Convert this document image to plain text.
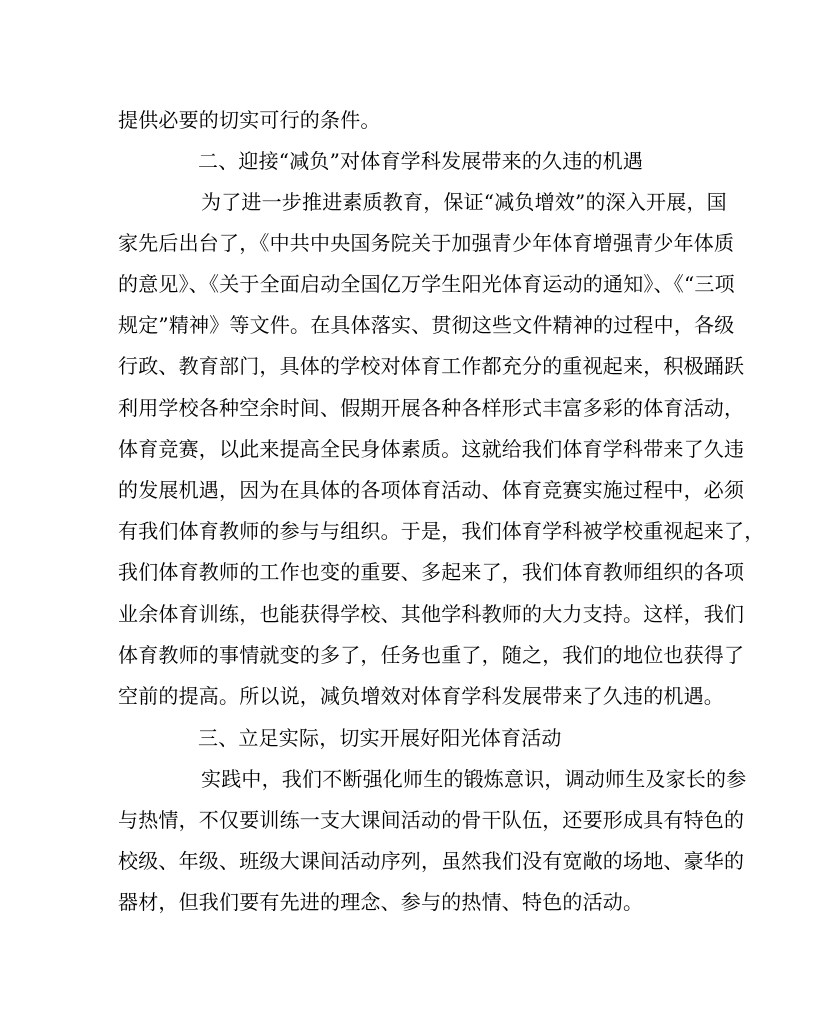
提供必要的切实可行的条件。
二、迎接“减负”对体育学科发展带来的久违的机遇
为了进一步推进素质教育，保证“减负增效”的深入开展，国
家先后出台了，《中共中央国务院关于加强青少年体育增强青少年体质
的意见》、《关于全面启动全国亿万学生阳光体育运动的通知》、《“三项
规定”精神》等文件。在具体落实、贯彻这些文件精神的过程中，各级
行政、教育部门，具体的学校对体育工作都充分的重视起来，积极踊跃
利用学校各种空余时间、假期开展各种各样形式丰富多彩的体育活动，
体育竞赛，以此来提高全民身体素质。这就给我们体育学科带来了久违
的发展机遇，因为在具体的各项体育活动、体育竞赛实施过程中，必须
有我们体育教师的参与与组织。于是，我们体育学科被学校重视起来了，
我们体育教师的工作也变的重要、多起来了，我们体育教师组织的各项
业余体育训练，也能获得学校、其他学科教师的大力支持。这样，我们
体育教师的事情就变的多了，任务也重了，随之，我们的地位也获得了
空前的提高。所以说，减负增效对体育学科发展带来了久违的机遇。
三、立足实际，切实开展好阳光体育活动
实践中，我们不断强化师生的锻炼意识，调动师生及家长的参
与热情，不仅要训练一支大课间活动的骨干队伍，还要形成具有特色的
校级、年级、班级大课间活动序列，虽然我们没有宽敞的场地、豪华的
器材，但我们要有先进的理念、参与的热情、特色的活动。
